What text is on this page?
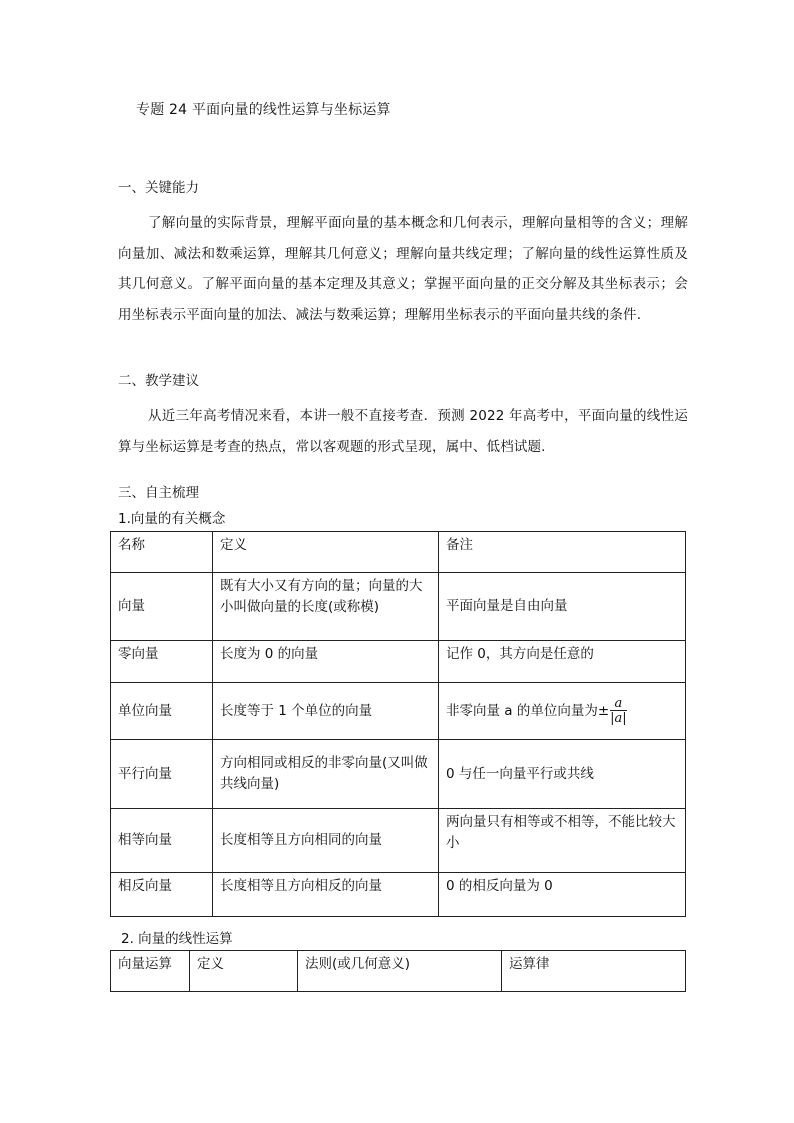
专题 24 平面向量的线性运算与坐标运算
一、关键能力
了解向量的实际背景，理解平面向量的基本概念和几何表示，理解向量相等的含义；理解向量加、减法和数乘运算，理解其几何意义；理解向量共线定理；了解向量的线性运算性质及其几何意义。了解平面向量的基本定理及其意义；掌握平面向量的正交分解及其坐标表示；会用坐标表示平面向量的加法、减法与数乘运算；理解用坐标表示的平面向量共线的条件.
二、教学建议
从近三年高考情况来看，本讲一般不直接考查．预测 2022 年高考中，平面向量的线性运算与坐标运算是考查的热点，常以客观题的形式呈现，属中、低档试题.
三、自主梳理
1.向量的有关概念
名称	定义	备注
向量	既有大小又有方向的量；向量的大小叫做向量的长度(或称模)	平面向量是自由向量
零向量	长度为 0 的向量	记作 0，其方向是任意的
单位向量	长度等于 1 个单位的向量	非零向量 a 的单位向量为± $\frac{a}{|a|}$

平行向量	方向相同或相反的非零向量(又叫做共线向量)	0 与任一向量平行或共线
相等向量	长度相等且方向相同的向量	两向量只有相等或不相等，不能比较大小
相反向量	长度相等且方向相反的向量	0 的相反向量为 0
2. 向量的线性运算
向量运算	定义	法则(或几何意义)	运算律
